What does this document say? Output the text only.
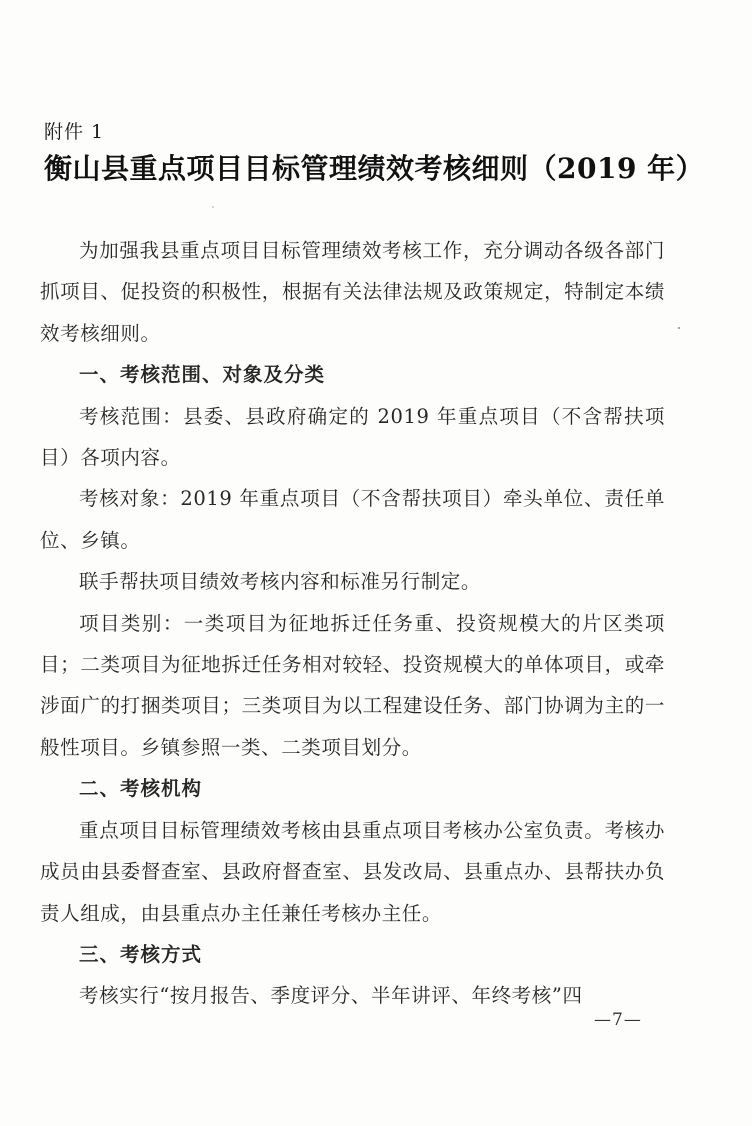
附件 1
衡山县重点项目目标管理绩效考核细则（2019 年）

为加强我县重点项目目标管理绩效考核工作，充分调动各级各部门抓项目、促投资的积极性，根据有关法律法规及政策规定，特制定本绩效考核细则。

一、考核范围、对象及分类

考核范围：县委、县政府确定的 2019 年重点项目（不含帮扶项目）各项内容。

考核对象：2019 年重点项目（不含帮扶项目）牵头单位、责任单位、乡镇。

联手帮扶项目绩效考核内容和标准另行制定。

项目类别：一类项目为征地拆迁任务重、投资规模大的片区类项目；二类项目为征地拆迁任务相对较轻、投资规模大的单体项目，或牵涉面广的打捆类项目；三类项目为以工程建设任务、部门协调为主的一般性项目。乡镇参照一类、二类项目划分。

二、考核机构

重点项目目标管理绩效考核由县重点项目考核办公室负责。考核办成员由县委督查室、县政府督查室、县发改局、县重点办、县帮扶办负责人组成，由县重点办主任兼任考核办主任。

三、考核方式

考核实行“按月报告、季度评分、半年讲评、年终考核”四

—7—
